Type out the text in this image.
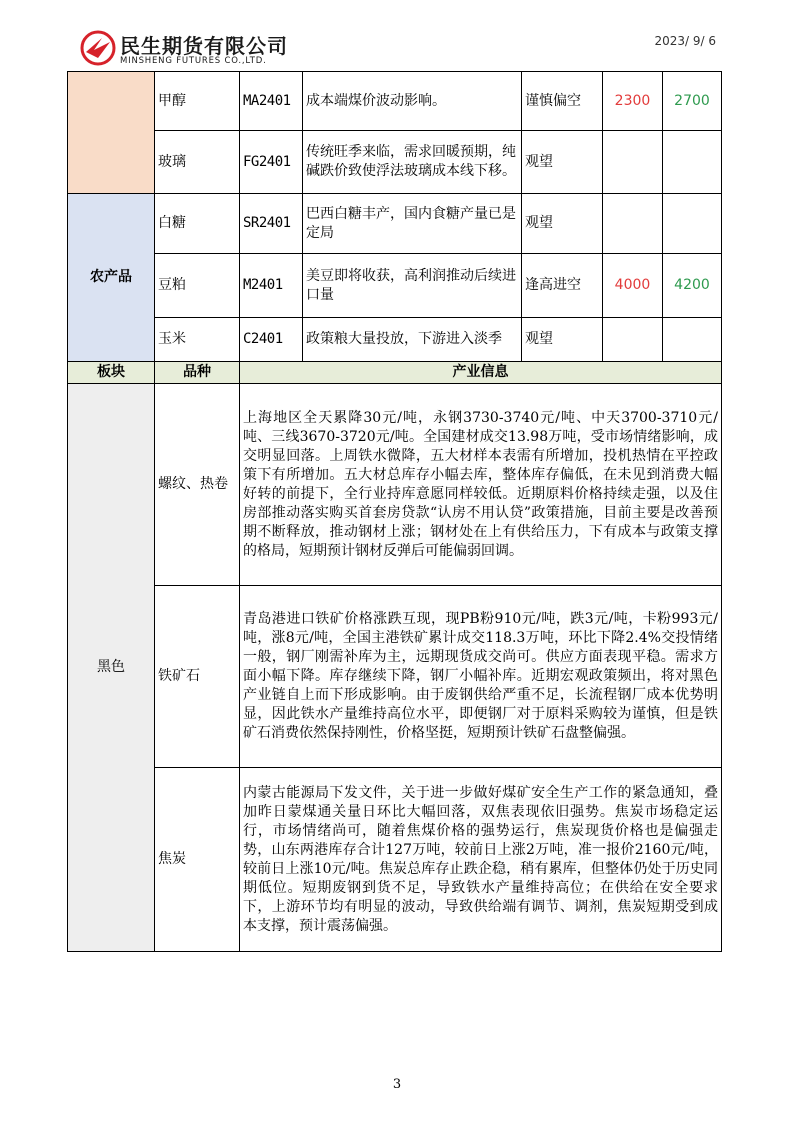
民生期货有限公司
MINSHENG FUTURES CO.,LTD.
2023/ 9/ 6
	甲醇	MA2401	成本端煤价波动影响。	谨慎偏空	2300	2700
	玻璃	FG2401	传统旺季来临，需求回暖预期，纯碱跌价致使浮法玻璃成本线下移。	观望		
农产品	白糖	SR2401	巴西白糖丰产，国内食糖产量已是定局	观望		
	豆粕	M2401	美豆即将收获，高利润推动后续进口量	逢高进空	4000	4200
	玉米	C2401	政策粮大量投放，下游进入淡季	观望		
板块	品种	产业信息				
黑色	螺纹、热卷	上海地区全天累降30元/吨，永钢3730-3740元/吨、中天3700-3710元/吨、三线3670-3720元/吨。全国建材成交13.98万吨，受市场情绪影响，成交明显回落。上周铁水微降，五大材样本表需有所增加，投机热情在平控政策下有所增加。五大材总库存小幅去库，整体库存偏低，在未见到消费大幅好转的前提下，全行业持库意愿同样较低。近期原料价格持续走强，以及住房部推动落实购买首套房贷款“认房不用认贷”政策措施，目前主要是改善预期不断释放，推动钢材上涨；钢材处在上有供给压力，下有成本与政策支撑的格局，短期预计钢材反弹后可能偏弱回调。				
	铁矿石	青岛港进口铁矿价格涨跌互现，现PB粉910元/吨，跌3元/吨，卡粉993元/吨，涨8元/吨，全国主港铁矿累计成交118.3万吨，环比下降2.4%交投情绪一般，钢厂刚需补库为主，远期现货成交尚可。供应方面表现平稳。需求方面小幅下降。库存继续下降，钢厂小幅补库。近期宏观政策频出，将对黑色产业链自上而下形成影响。由于废钢供给严重不足，长流程钢厂成本优势明显，因此铁水产量维持高位水平，即便钢厂对于原料采购较为谨慎，但是铁矿石消费依然保持刚性，价格坚挺，短期预计铁矿石盘整偏强。				
	焦炭	内蒙古能源局下发文件，关于进一步做好煤矿安全生产工作的紧急通知，叠加昨日蒙煤通关量日环比大幅回落，双焦表现依旧强势。焦炭市场稳定运行，市场情绪尚可，随着焦煤价格的强势运行，焦炭现货价格也是偏强走势，山东两港库存合计127万吨，较前日上涨2万吨，准一报价2160元/吨，较前日上涨10元/吨。焦炭总库存止跌企稳，稍有累库，但整体仍处于历史同期低位。短期废钢到货不足，导致铁水产量维持高位；在供给在安全要求下，上游环节均有明显的波动，导致供给端有调节、调剂，焦炭短期受到成本支撑，预计震荡偏强。				
3
